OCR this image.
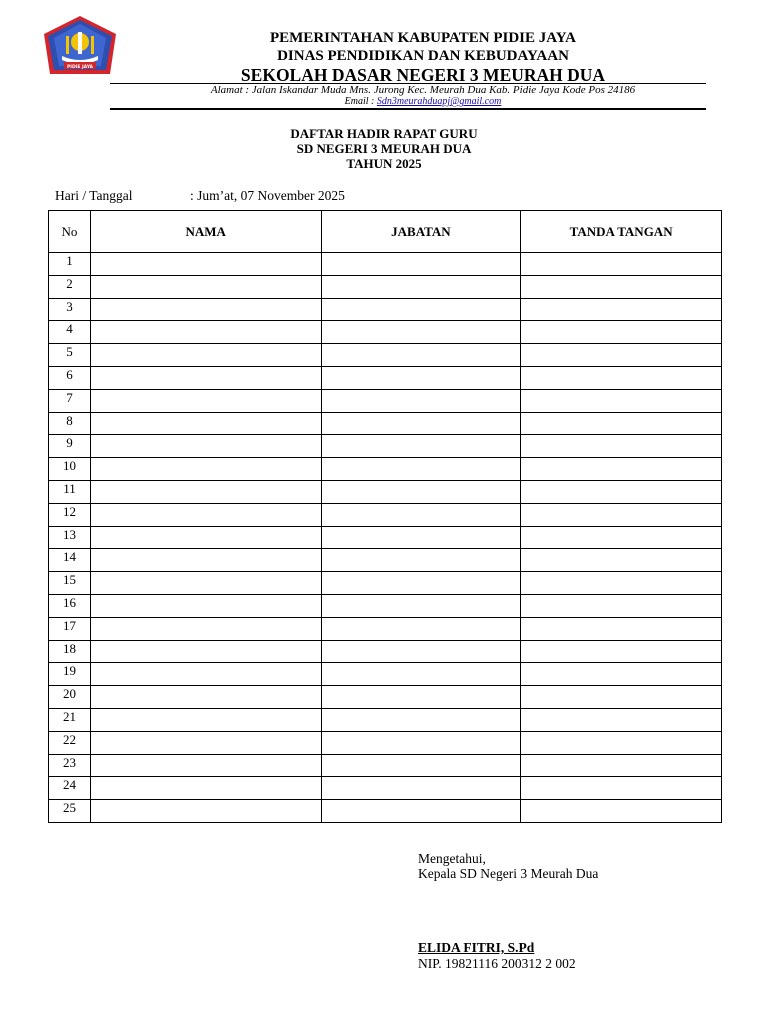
PIDIE JAYA
PEMERINTAHAN KABUPATEN PIDIE JAYA
DINAS PENDIDIKAN DAN KEBUDAYAAN
SEKOLAH DASAR NEGERI 3 MEURAH DUA
Alamat : Jalan Iskandar Muda Mns. Jurong Kec. Meurah Dua Kab. Pidie Jaya Kode Pos 24186
Email : Sdn3meurahduapj@gmail.com
DAFTAR HADIR RAPAT GURU
SD NEGERI 3 MEURAH DUA
TAHUN 2025
Hari / Tanggal	: Jum’at, 07 November 2025
No	NAMA	JABATAN	TANDA TANGAN
1			
2			
3			
4			
5			
6			
7			
8			
9			
10			
11			
12			
13			
14			
15			
16			
17			
18			
19			
20			
21			
22			
23			
24			
25			
Mengetahui,
Kepala SD Negeri 3 Meurah Dua
ELIDA FITRI, S.Pd
NIP. 19821116 200312 2 002
